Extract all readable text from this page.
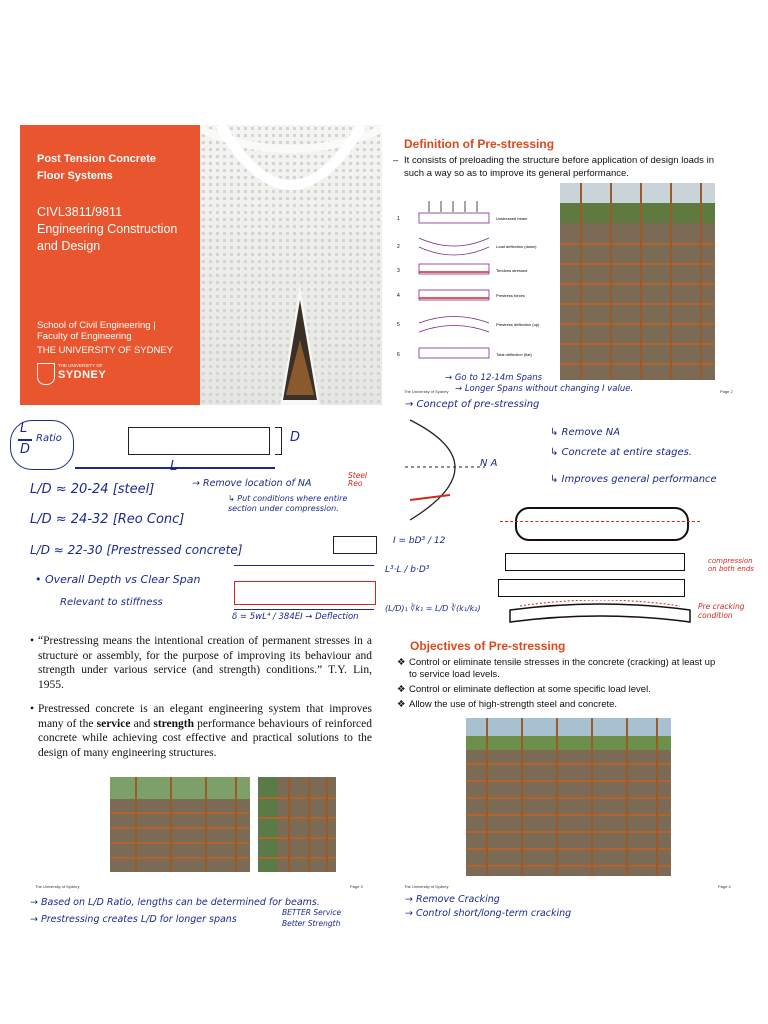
Post Tension Concrete
Floor Systems
CIVL3811/9811
Engineering Construction
and Design
School of Civil Engineering |
Faculty of Engineering
THE UNIVERSITY OF SYDNEY
THE UNIVERSITY OF
SYDNEY
Definition of Pre-stressing
– It consists of preloading the structure before application of design loads in such a way so as to improve its general performance.
1
2
3
4
5
6
Unstressed beam
Load deflection (down)
Tendons stressed
Prestress forces
Prestress deflection (up)
Total deflection (flat)
The University of Sydney	Page 2
→ Go to 12-14m Spans
→ Longer Spans without changing I value.
L
D
Ratio	D
L
L/D ≈ 20-24 [steel]	→ Remove location of NA
Steel Reo
↳ Put conditions where entire section under compression.
L/D ≈ 24-32 [Reo Conc]
L/D ≈ 22-30 [Prestressed concrete]
I = bD³ / 12
• Overall Depth vs Clear Span
Relevant to stiffness
L³·L / b·D³
(L/D)₁ ∛k₁ = L/D ∛(k₁/k₂)
δ = 5wL⁴ / 384EI → Deflection
→ Concept of pre-stressing
N A
↳ Remove NA
↳ Concrete at entire stages.
↳ Improves general performance
compression on both ends
Pre cracking condition
• “Prestressing means the intentional creation of permanent stresses in a structure or assembly, for the purpose of improving its behaviour and strength under various service (and strength) conditions.” T.Y. Lin, 1955.
• Prestressed concrete is an elegant engineering system that improves many of the service and strength performance behaviours of reinforced concrete while achieving cost effective and practical solutions to the design of many engineering structures.
The University of Sydney	Page 3
→ Based on L/D Ratio, lengths can be determined for beams.
→ Prestressing creates L/D for longer spans
BETTER Service
Better Strength
Objectives of Pre-stressing
❖ Control or eliminate tensile stresses in the concrete (cracking) at least up to service load levels.
❖ Control or eliminate deflection at some specific load level.
❖ Allow the use of high-strength steel and concrete.
The University of Sydney	Page 4
→ Remove Cracking
→ Control short/long-term cracking
